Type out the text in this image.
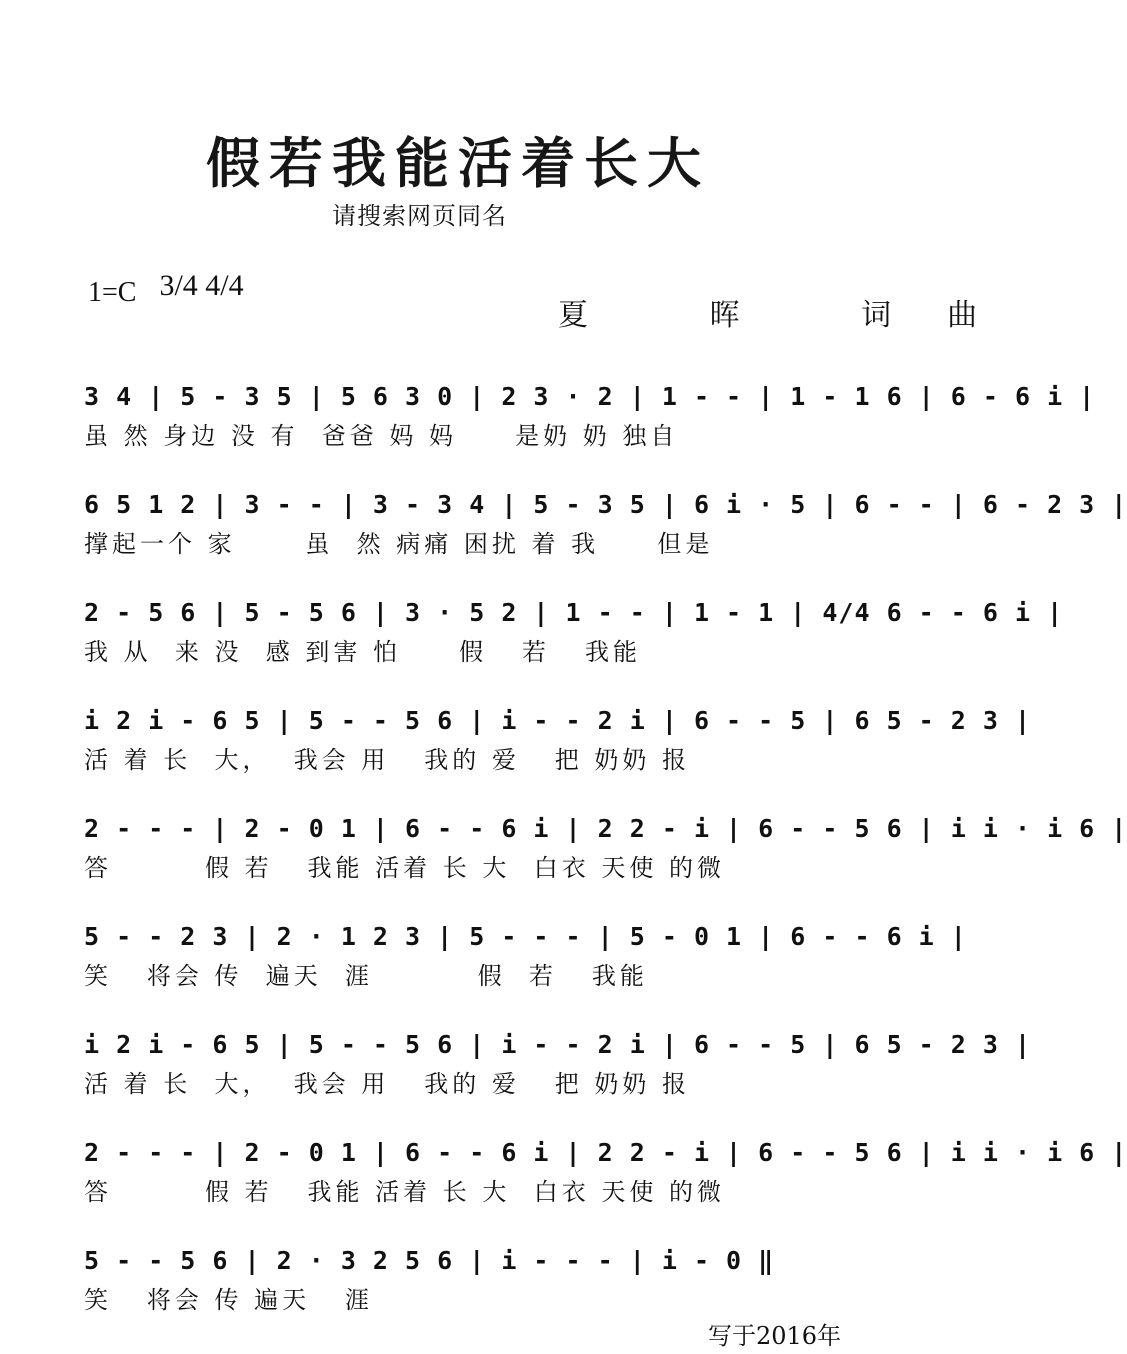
假若我能活着长大
请搜索网页同名
1=C 3/4 4/4
夏 晖 词曲
3 4 | 5 - 3 5 | 5 6 3 0 | 2 3 · 2 | 1 - - | 1 - 1 6 | 6 - 6 i |
虽 然 身边 没 有  爸爸 妈 妈     是奶 奶 独自
6 5 1 2 | 3 - - | 3 - 3 4 | 5 - 3 5 | 6 i · 5 | 6 - - | 6 - 2 3 |
撑起一个 家      虽  然 病痛 困扰 着 我     但是
2 - 5 6 | 5 - 5 6 | 3 · 5 2 | 1 - - | 1 - 1 | 4/4 6 - - 6 i |
我 从  来 没  感 到害 怕     假   若   我能
i 2 i - 6 5 | 5 - - 5 6 | i - - 2 i | 6 - - 5 | 6 5 - 2 3 |
活 着 长  大，  我会 用   我的 爱   把 奶奶 报
2 - - - | 2 - 0 1 | 6 - - 6 i | 2 2 - i | 6 - - 5 6 | i i · i 6 |
答        假 若   我能 活着 长 大  白衣 天使 的微
5 - - 2 3 | 2 · 1 2 3 | 5 - - - | 5 - 0 1 | 6 - - 6 i |
笑   将会 传  遍天  涯         假  若   我能
i 2 i - 6 5 | 5 - - 5 6 | i - - 2 i | 6 - - 5 | 6 5 - 2 3 |
活 着 长  大，  我会 用   我的 爱   把 奶奶 报
2 - - - | 2 - 0 1 | 6 - - 6 i | 2 2 - i | 6 - - 5 6 | i i · i 6 |
答        假 若   我能 活着 长 大  白衣 天使 的微
5 - - 5 6 | 2 · 3 2 5 6 | i - - - | i - 0 ‖
笑   将会 传 遍天   涯
写于2016年
